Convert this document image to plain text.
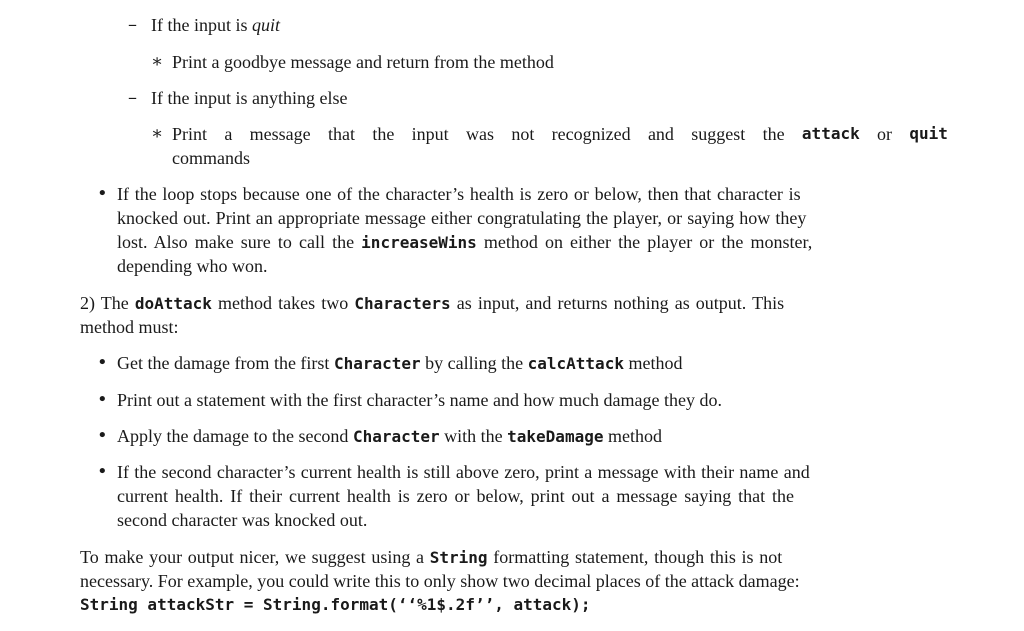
– If the input is quit
∗ Print a goodbye message and return from the method
– If the input is anything else
∗ Print a message that the input was not recognized and suggest the attack or quit
commands
• If the loop stops because one of the character’s health is zero or below, then that character is
knocked out. Print an appropriate message either congratulating the player, or saying how they
lost. Also make sure to call the increaseWins method on either the player or the monster,
depending who won.
2) The doAttack method takes two Characters as input, and returns nothing as output. This
method must:
• Get the damage from the first Character by calling the calcAttack method
• Print out a statement with the first character’s name and how much damage they do.
• Apply the damage to the second Character with the takeDamage method
• If the second character’s current health is still above zero, print a message with their name and
current health. If their current health is zero or below, print out a message saying that the
second character was knocked out.
To make your output nicer, we suggest using a String formatting statement, though this is not
necessary. For example, you could write this to only show two decimal places of the attack damage:
String attackStr = String.format(‘‘%1$.2f’’, attack);
